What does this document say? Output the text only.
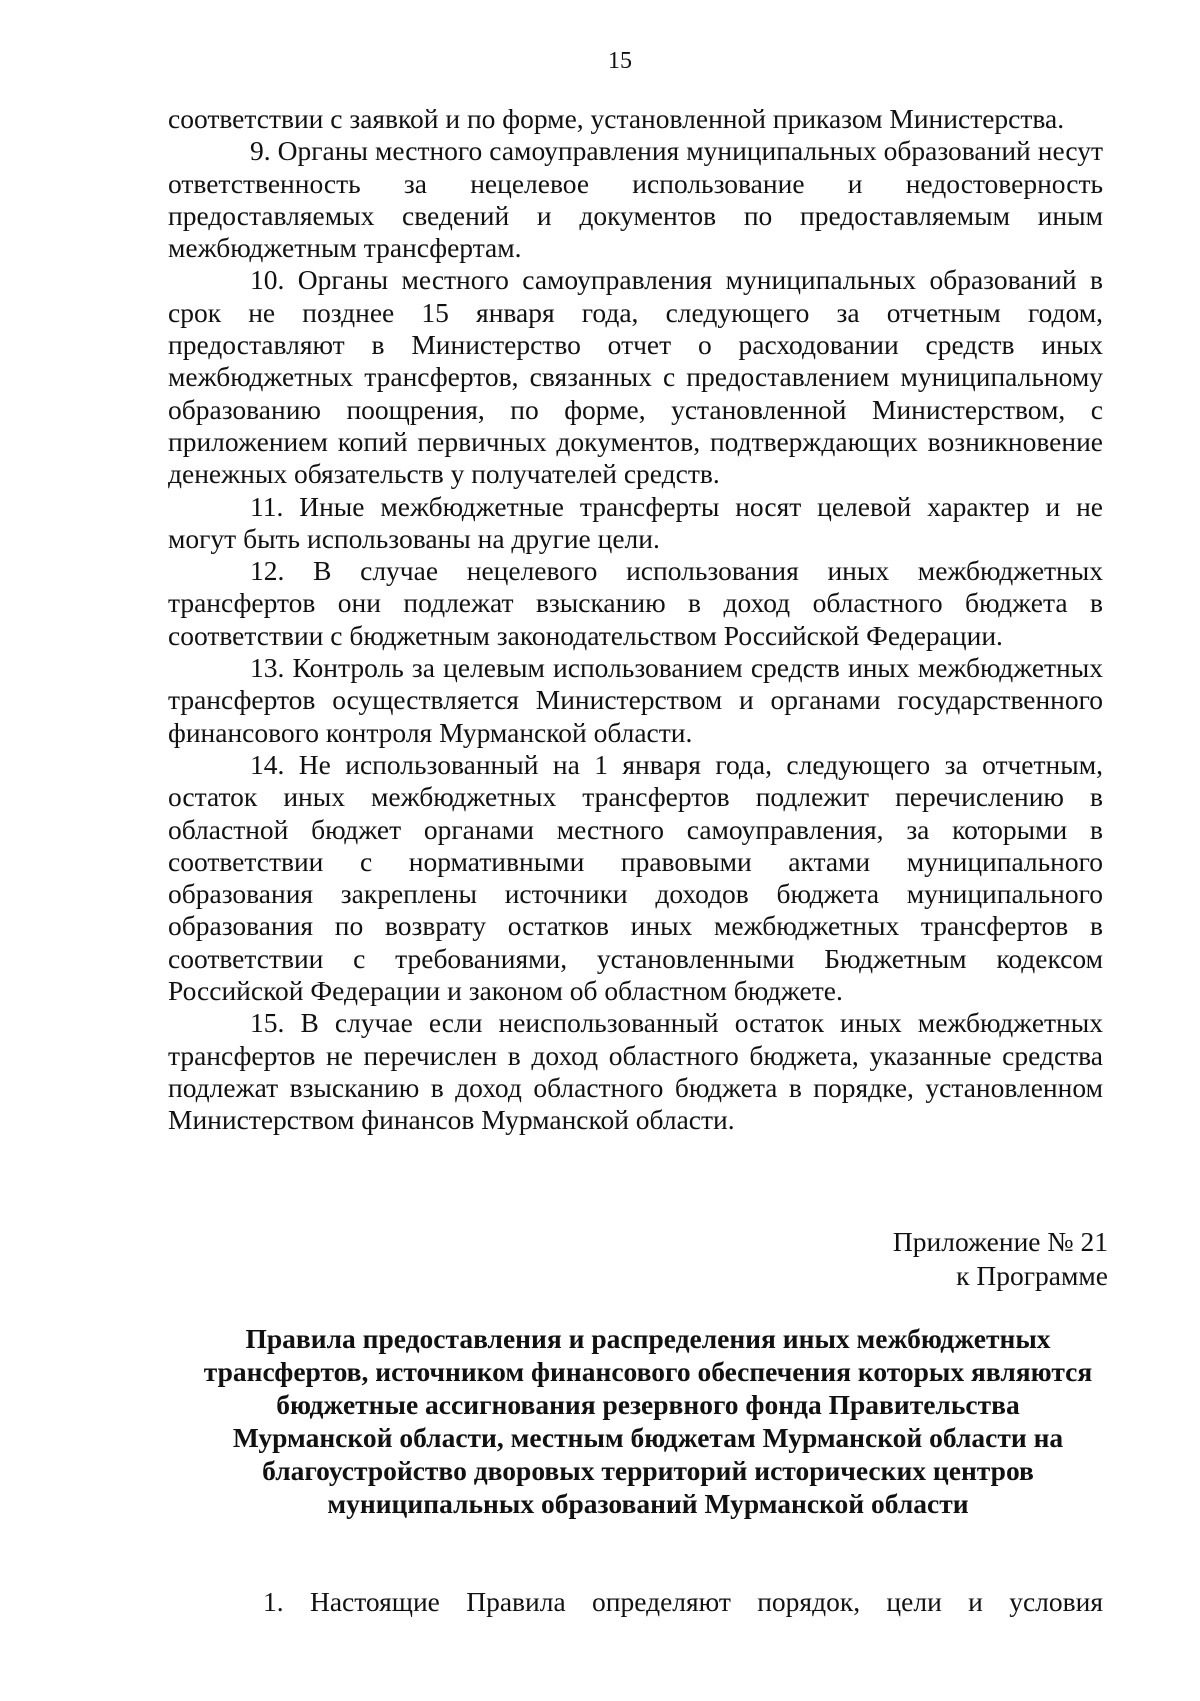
15

соответствии с заявкой и по форме, установленной приказом Министерства.

9. Органы местного самоуправления муниципальных образований несут ответственность за нецелевое использование и недостоверность предоставляемых сведений и документов по предоставляемым иным межбюджетным трансфертам.

10. Органы местного самоуправления муниципальных образований в срок не позднее 15 января года, следующего за отчетным годом, предоставляют в Министерство отчет о расходовании средств иных межбюджетных трансфертов, связанных с предоставлением муниципальному образованию поощрения, по форме, установленной Министерством, с приложением копий первичных документов, подтверждающих возникновение денежных обязательств у получателей средств.

11. Иные межбюджетные трансферты носят целевой характер и не могут быть использованы на другие цели.

12. В случае нецелевого использования иных межбюджетных трансфертов они подлежат взысканию в доход областного бюджета в соответствии с бюджетным законодательством Российской Федерации.

13. Контроль за целевым использованием средств иных межбюджетных трансфертов осуществляется Министерством и органами государственного финансового контроля Мурманской области.

14. Не использованный на 1 января года, следующего за отчетным, остаток иных межбюджетных трансфертов подлежит перечислению в областной бюджет органами местного самоуправления, за которыми в соответствии с нормативными правовыми актами муниципального образования закреплены источники доходов бюджета муниципального образования по возврату остатков иных межбюджетных трансфертов в соответствии с требованиями, установленными Бюджетным кодексом Российской Федерации и законом об областном бюджете.

15. В случае если неиспользованный остаток иных межбюджетных трансфертов не перечислен в доход областного бюджета, указанные средства подлежат взысканию в доход областного бюджета в порядке, установленном Министерством финансов Мурманской области.

Приложение № 21
к Программе
Правила предоставления и распределения иных межбюджетных
трансфертов, источником финансового обеспечения которых являются
бюджетные ассигнования резервного фонда Правительства
Мурманской области, местным бюджетам Мурманской области на
благоустройство дворовых территорий исторических центров
муниципальных образований Мурманской области
1. Настоящие Правила определяют порядок, цели и условия
